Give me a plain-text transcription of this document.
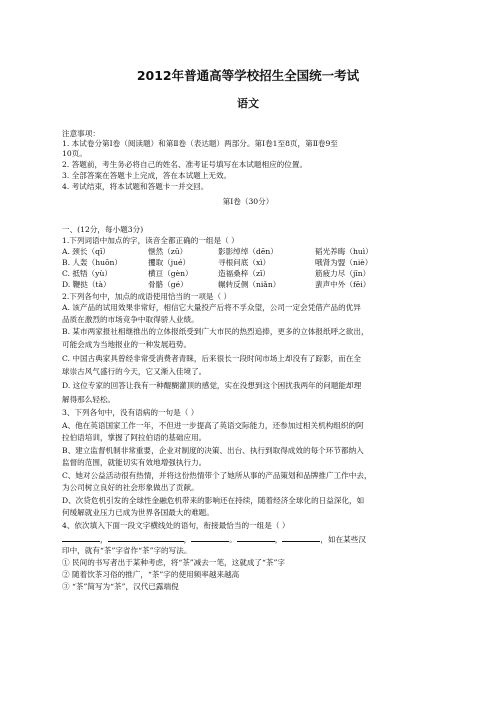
2012年普通高等学校招生全国统一考试
语文
注意事项：
1. 本试卷分第Ⅰ卷（阅读题）和第Ⅱ卷（表达题）两部分。第Ⅰ卷1至8页，第Ⅱ卷9至
10页。
2. 答题前，考生务必将自己的姓名、准考证号填写在本试题相应的位置。
3. 全部答案在答题卡上完成，答在本试题上无效。
4. 考试结束，将本试题和答题卡一并交回。
第Ⅰ卷（30分）
一、(12分，每小题3分)
1.下列词语中加点的字，读音全都正确的一组是（ ）
A. 颈长（qǐ）	惬然（zū）	影影绰绰（dēn）	韬光养晦（huì）
B. 人轰（huōn）	攫取（jué）	寻根问底（xì）	哦肾为盟（niè）
C. 抵牾（yù）	横亘（gèn）	造福桑梓（zǐ）	筋疲力尽（jīn）
D. 鞭挞（tà）	骨骼（gé）	辗转反侧（niǎn）	蜚声中外（fēi）
2.下列各句中，加点的成语使用恰当的一项是（ ）
A. 该产品的试用效果非常好，相信它大量投产后将不孚众望，公司一定会凭借产品的优异
品质在激烈的市场竞争中取得骄人业绩。
B. 某市两家报社相继推出的立体报纸受到广大市民的热烈追捧，更多的立体报纸呼之欲出，
可能会成为当地报业的一种发展趋势。
C. 中国古典家具曾经非常受消费者青睐，后来很长一段时间市场上却没有了踪影，而在全
球崇古风气盛行的今天，它又渐入佳境了。
D. 这位专家的回答让我有一种醍醐灌顶的感觉，实在没想到这个困扰我两年的问题能却理
解得那么轻松。
3、下列各句中，没有语病的一句是（ ）
A、他在英语国家工作一年，不但进一步提高了英语交际能力，还参加过相关机构组织的阿
拉伯语培训，掌握了阿拉伯语的基础应用。
B、建立监督机制非常重要，企业对制度的决策、出台、执行到取得成效的每个环节都纳入
监督的范围，就能切实有效地增强执行力。
C、她对公益活动很有热情，并将这份热情带个了她所从事的产品策划和品牌推广工作中去，
为公司树立良好的社会形象做出了贡献。
D、次贷危机引发的全球性金融危机带来的影响还在持续，随着经济全球化的日益深化，如
何缓解就业压力已成为世界各国最大的难题。
4、依次填入下面一段文字横线处的语句，衔接最恰当的一组是（ ）
，	，	。	，	，如在某些汉
印中，就有“茶”字省作“茶”字的写法。
① 民间的书写者出于某种考虑，将“茶”减去一笔，这就成了“茶”字
② 随着饮茶习俗的推广，“茶”字的使用频率越来越高
③ “茶”简写为“茶”，汉代已露端倪
